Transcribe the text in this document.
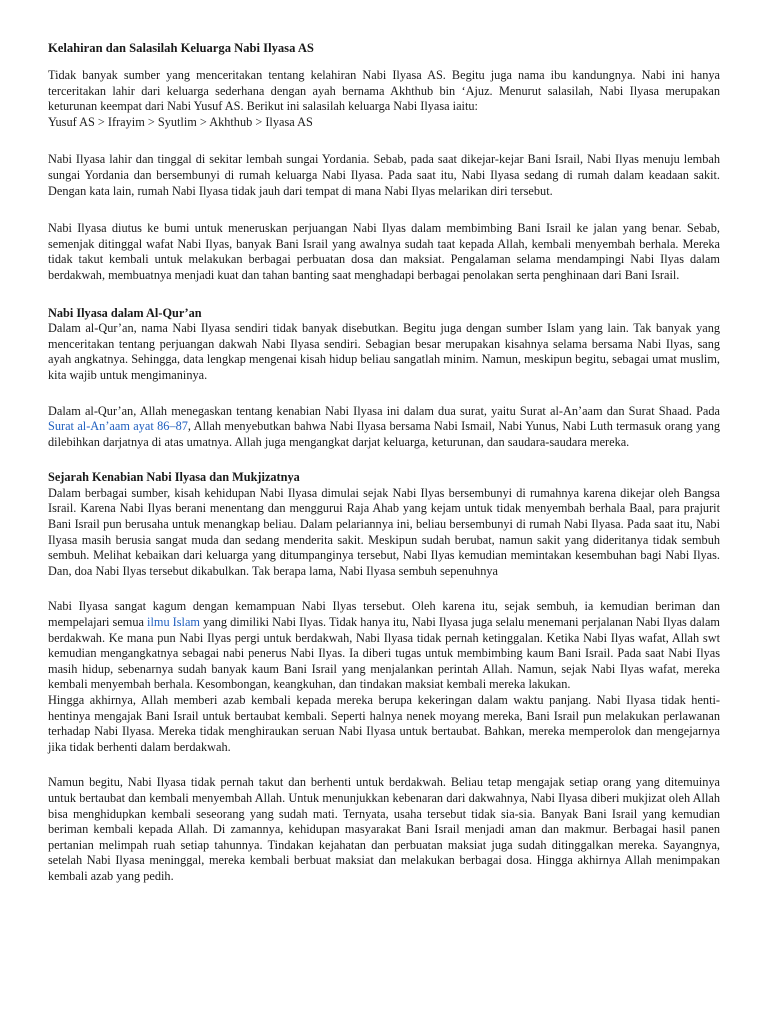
Kelahiran dan Salasilah Keluarga Nabi Ilyasa AS

Tidak banyak sumber yang menceritakan tentang kelahiran Nabi Ilyasa AS. Begitu juga nama ibu kandungnya. Nabi ini hanya terceritakan lahir dari keluarga sederhana dengan ayah bernama Akhthub bin ‘Ajuz. Menurut salasilah, Nabi Ilyasa merupakan keturunan keempat dari Nabi Yusuf AS. Berikut ini salasilah keluarga Nabi Ilyasa iaitu:
Yusuf AS > Ifrayim > Syutlim > Akhthub > Ilyasa AS

Nabi Ilyasa lahir dan tinggal di sekitar lembah sungai Yordania. Sebab, pada saat dikejar-kejar Bani Israil, Nabi Ilyas menuju lembah sungai Yordania dan bersembunyi di rumah keluarga Nabi Ilyasa. Pada saat itu, Nabi Ilyasa sedang di rumah dalam keadaan sakit. Dengan kata lain, rumah Nabi Ilyasa tidak jauh dari tempat di mana Nabi Ilyas melarikan diri tersebut.

Nabi Ilyasa diutus ke bumi untuk meneruskan perjuangan Nabi Ilyas dalam membimbing Bani Israil ke jalan yang benar. Sebab, semenjak ditinggal wafat Nabi Ilyas, banyak Bani Israil yang awalnya sudah taat kepada Allah, kembali menyembah berhala. Mereka tidak takut kembali untuk melakukan berbagai perbuatan dosa dan maksiat. Pengalaman selama mendampingi Nabi Ilyas dalam berdakwah, membuatnya menjadi kuat dan tahan banting saat menghadapi berbagai penolakan serta penghinaan dari Bani Israil.

Nabi Ilyasa dalam Al-Qur’an

Dalam al-Qur’an, nama Nabi Ilyasa sendiri tidak banyak disebutkan. Begitu juga dengan sumber Islam yang lain. Tak banyak yang menceritakan tentang perjuangan dakwah Nabi Ilyasa sendiri. Sebagian besar merupakan kisahnya selama bersama Nabi Ilyas, sang ayah angkatnya. Sehingga, data lengkap mengenai kisah hidup beliau sangatlah minim. Namun, meskipun begitu, sebagai umat muslim, kita wajib untuk mengimaninya.

Dalam al-Qur’an, Allah menegaskan tentang kenabian Nabi Ilyasa ini dalam dua surat, yaitu Surat al-An’aam dan Surat Shaad. Pada Surat al-An’aam ayat 86–87, Allah menyebutkan bahwa Nabi Ilyasa bersama Nabi Ismail, Nabi Yunus, Nabi Luth termasuk orang yang dilebihkan darjatnya di atas umatnya. Allah juga mengangkat darjat keluarga, keturunan, dan saudara-saudara mereka.

Sejarah Kenabian Nabi Ilyasa dan Mukjizatnya

Dalam berbagai sumber, kisah kehidupan Nabi Ilyasa dimulai sejak Nabi Ilyas bersembunyi di rumahnya karena dikejar oleh Bangsa Israil. Karena Nabi Ilyas berani menentang dan menggurui Raja Ahab yang kejam untuk tidak menyembah berhala Baal, para prajurit Bani Israil pun berusaha untuk menangkap beliau. Dalam pelariannya ini, beliau bersembunyi di rumah Nabi Ilyasa. Pada saat itu, Nabi Ilyasa masih berusia sangat muda dan sedang menderita sakit. Meskipun sudah berubat, namun sakit yang dideritanya tidak sembuh sembuh. Melihat kebaikan dari keluarga yang ditumpanginya tersebut, Nabi Ilyas kemudian memintakan kesembuhan bagi Nabi Ilyas. Dan, doa Nabi Ilyas tersebut dikabulkan. Tak berapa lama, Nabi Ilyasa sembuh sepenuhnya

Nabi Ilyasa sangat kagum dengan kemampuan Nabi Ilyas tersebut. Oleh karena itu, sejak sembuh, ia kemudian beriman dan mempelajari semua ilmu Islam yang dimiliki Nabi Ilyas. Tidak hanya itu, Nabi Ilyasa juga selalu menemani perjalanan Nabi Ilyas dalam berdakwah. Ke mana pun Nabi Ilyas pergi untuk berdakwah, Nabi Ilyasa tidak pernah ketinggalan. Ketika Nabi Ilyas wafat, Allah swt kemudian mengangkatnya sebagai nabi penerus Nabi Ilyas. Ia diberi tugas untuk membimbing kaum Bani Israil. Pada saat Nabi Ilyas masih hidup, sebenarnya sudah banyak kaum Bani Israil yang menjalankan perintah Allah. Namun, sejak Nabi Ilyas wafat, mereka kembali menyembah berhala. Kesombongan, keangkuhan, dan tindakan maksiat kembali mereka lakukan.

Hingga akhirnya, Allah memberi azab kembali kepada mereka berupa kekeringan dalam waktu panjang. Nabi Ilyasa tidak henti-hentinya mengajak Bani Israil untuk bertaubat kembali. Seperti halnya nenek moyang mereka, Bani Israil pun melakukan perlawanan terhadap Nabi Ilyasa. Mereka tidak menghiraukan seruan Nabi Ilyasa untuk bertaubat. Bahkan, mereka memperolok dan mengejarnya jika tidak berhenti dalam berdakwah.

Namun begitu, Nabi Ilyasa tidak pernah takut dan berhenti untuk berdakwah. Beliau tetap mengajak setiap orang yang ditemuinya untuk bertaubat dan kembali menyembah Allah. Untuk menunjukkan kebenaran dari dakwahnya, Nabi Ilyasa diberi mukjizat oleh Allah bisa menghidupkan kembali seseorang yang sudah mati. Ternyata, usaha tersebut tidak sia-sia. Banyak Bani Israil yang kemudian beriman kembali kepada Allah. Di zamannya, kehidupan masyarakat Bani Israil menjadi aman dan makmur. Berbagai hasil panen pertanian melimpah ruah setiap tahunnya. Tindakan kejahatan dan perbuatan maksiat juga sudah ditinggalkan mereka. Sayangnya, setelah Nabi Ilyasa meninggal, mereka kembali berbuat maksiat dan melakukan berbagai dosa. Hingga akhirnya Allah menimpakan kembali azab yang pedih.
